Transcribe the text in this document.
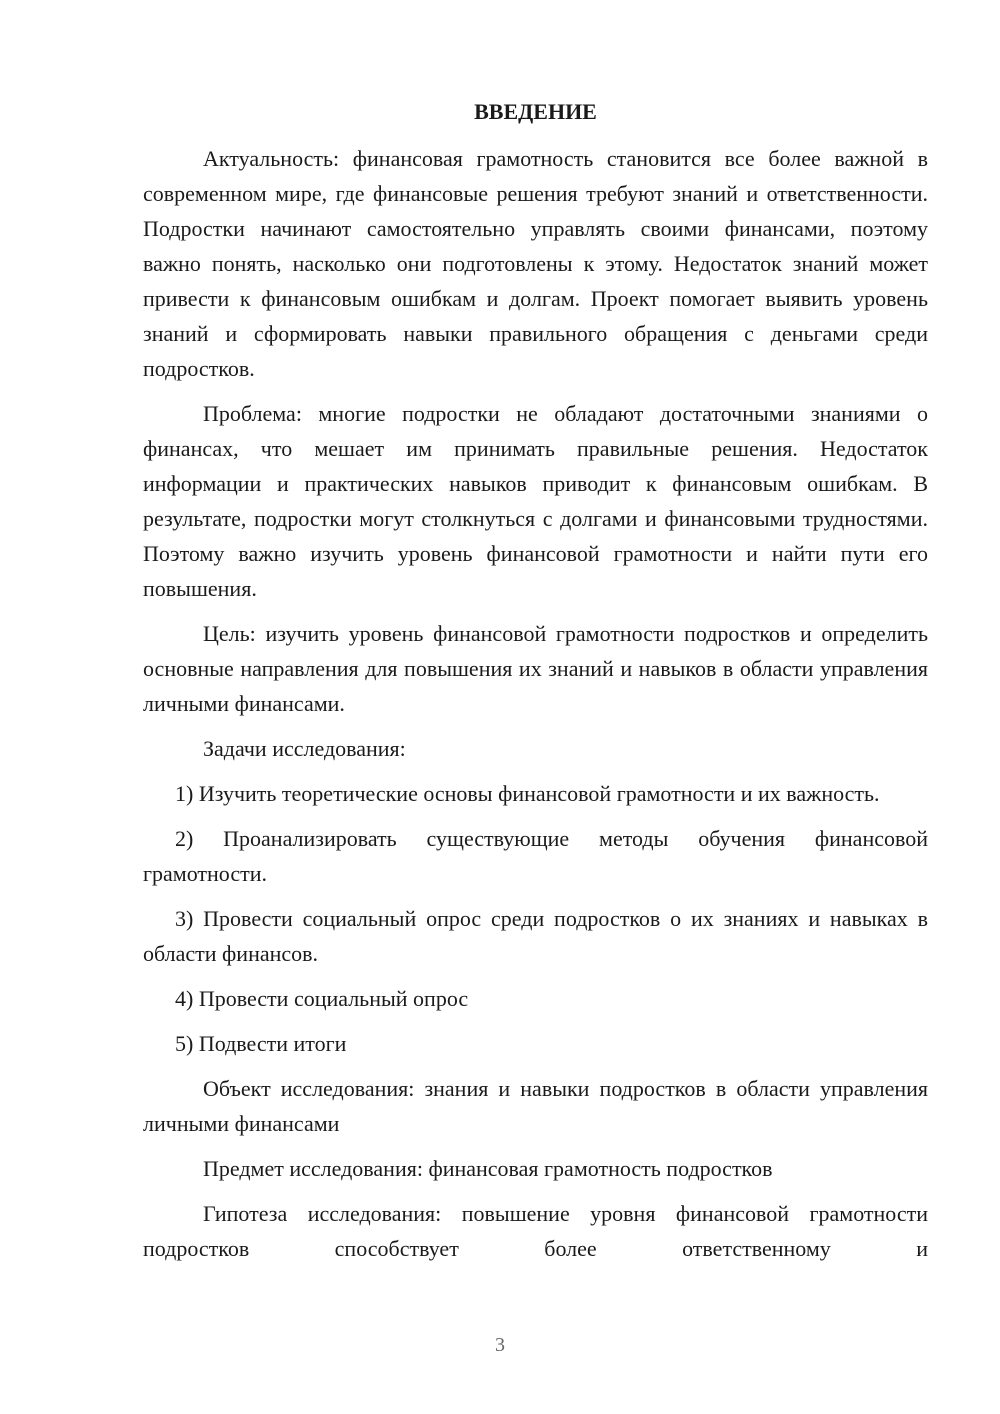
ВВЕДЕНИЕ

Актуальность: финансовая грамотность становится все более важной в современном мире, где финансовые решения требуют знаний и ответственности. Подростки начинают самостоятельно управлять своими финансами, поэтому важно понять, насколько они подготовлены к этому. Недостаток знаний может привести к финансовым ошибкам и долгам. Проект помогает выявить уровень знаний и сформировать навыки правильного обращения с деньгами среди подростков.

Проблема: многие подростки не обладают достаточными знаниями о финансах, что мешает им принимать правильные решения. Недостаток информации и практических навыков приводит к финансовым ошибкам. В результате, подростки могут столкнуться с долгами и финансовыми трудностями. Поэтому важно изучить уровень финансовой грамотности и найти пути его повышения.

Цель: изучить уровень финансовой грамотности подростков и определить основные направления для повышения их знаний и навыков в области управления личными финансами.

Задачи исследования:

1) Изучить теоретические основы финансовой грамотности и их важность.

2) Проанализировать существующие методы обучения финансовой грамотности.

3) Провести социальный опрос среди подростков о их знаниях и навыках в области финансов.

4) Провести социальный опрос

5) Подвести итоги

Объект исследования: знания и навыки подростков в области управления личными финансами

Предмет исследования: финансовая грамотность подростков

Гипотеза исследования: повышение уровня финансовой грамотности подростков способствует более ответственному и

3
